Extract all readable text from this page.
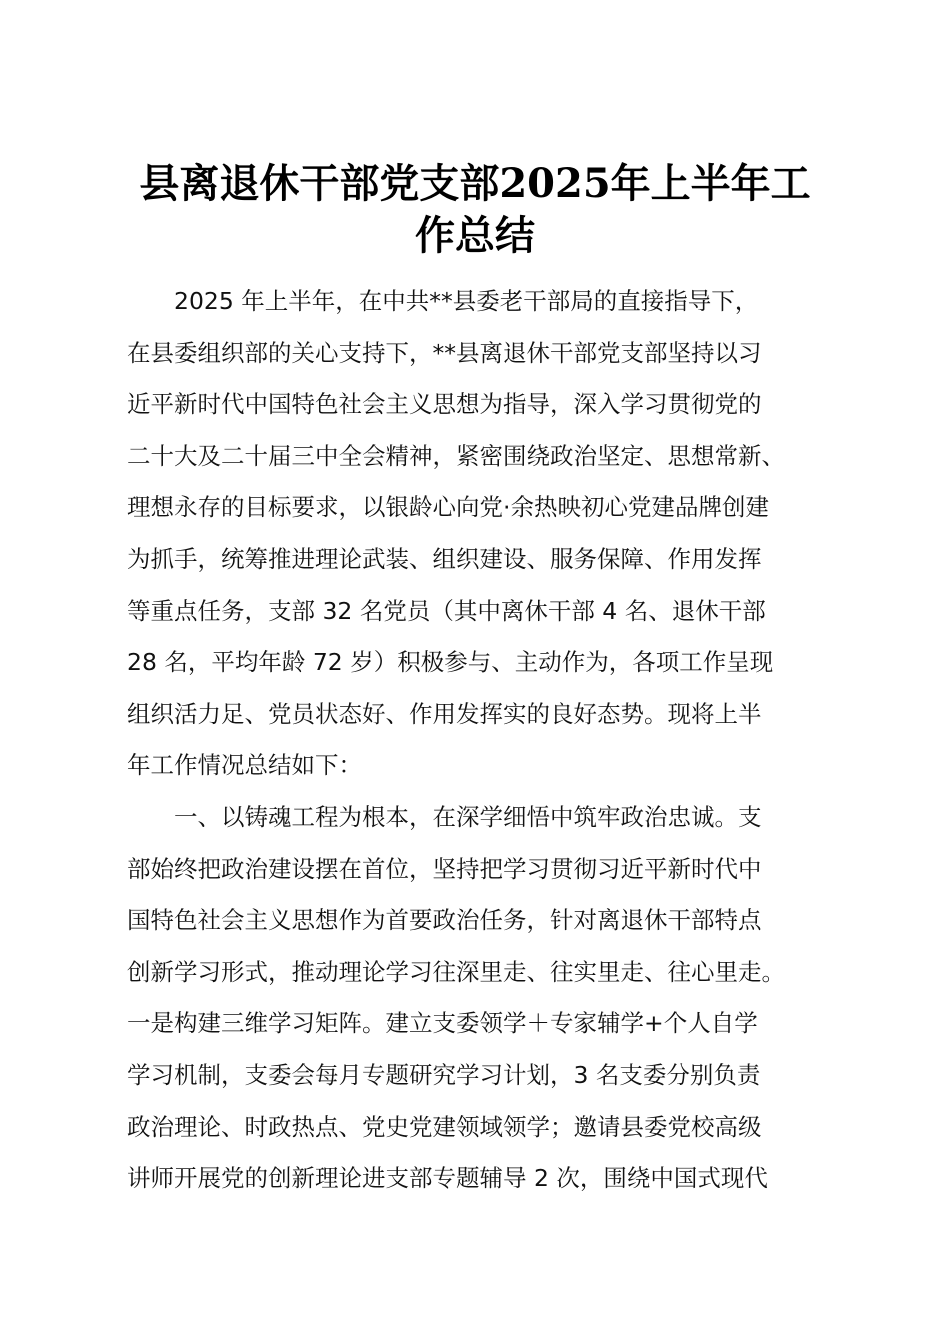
县离退休干部党支部2025年上半年工
作总结
2025 年上半年，在中共**县委老干部局的直接指导下，
在县委组织部的关心支持下，**县离退休干部党支部坚持以习
近平新时代中国特色社会主义思想为指导，深入学习贯彻党的
二十大及二十届三中全会精神，紧密围绕政治坚定、思想常新、
理想永存的目标要求，以银龄心向党·余热映初心党建品牌创建
为抓手，统筹推进理论武装、组织建设、服务保障、作用发挥
等重点任务，支部 32 名党员（其中离休干部 4 名、退休干部
28 名，平均年龄 72 岁）积极参与、主动作为，各项工作呈现
组织活力足、党员状态好、作用发挥实的良好态势。现将上半
年工作情况总结如下：
一、以铸魂工程为根本，在深学细悟中筑牢政治忠诚。支
部始终把政治建设摆在首位，坚持把学习贯彻习近平新时代中
国特色社会主义思想作为首要政治任务，针对离退休干部特点
创新学习形式，推动理论学习往深里走、往实里走、往心里走。
一是构建三维学习矩阵。建立支委领学＋专家辅学+个人自学
学习机制，支委会每月专题研究学习计划，3 名支委分别负责
政治理论、时政热点、党史党建领域领学；邀请县委党校高级
讲师开展党的创新理论进支部专题辅导 2 次，围绕中国式现代
